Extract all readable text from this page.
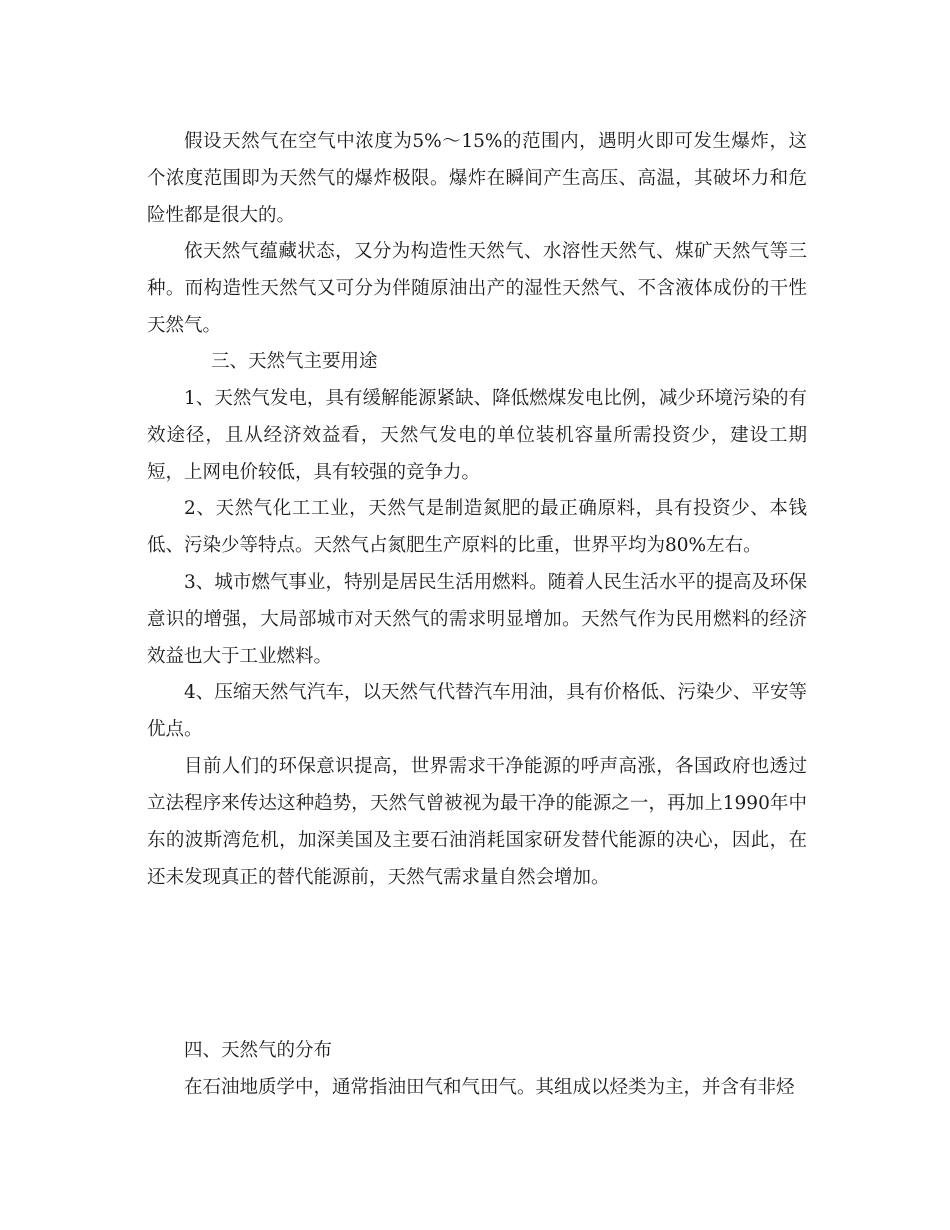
假设天然气在空气中浓度为5%～15%的范围内，遇明火即可发生爆炸，这个浓度范围即为天然气的爆炸极限。爆炸在瞬间产生高压、高温，其破坏力和危险性都是很大的。

依天然气蕴藏状态，又分为构造性天然气、水溶性天然气、煤矿天然气等三种。而构造性天然气又可分为伴随原油出产的湿性天然气、不含液体成份的干性天然气。

三、天然气主要用途

1、天然气发电，具有缓解能源紧缺、降低燃煤发电比例，减少环境污染的有效途径，且从经济效益看，天然气发电的单位装机容量所需投资少，建设工期短，上网电价较低，具有较强的竞争力。

2、天然气化工工业，天然气是制造氮肥的最正确原料，具有投资少、本钱低、污染少等特点。天然气占氮肥生产原料的比重，世界平均为80%左右。

3、城市燃气事业，特别是居民生活用燃料。随着人民生活水平的提高及环保意识的增强，大局部城市对天然气的需求明显增加。天然气作为民用燃料的经济效益也大于工业燃料。

4、压缩天然气汽车，以天然气代替汽车用油，具有价格低、污染少、平安等优点。

目前人们的环保意识提高，世界需求干净能源的呼声高涨，各国政府也透过立法程序来传达这种趋势，天然气曾被视为最干净的能源之一，再加上1990年中东的波斯湾危机，加深美国及主要石油消耗国家研发替代能源的决心，因此，在还未发现真正的替代能源前，天然气需求量自然会增加。

四、天然气的分布

在石油地质学中，通常指油田气和气田气。其组成以烃类为主，并含有非烃
